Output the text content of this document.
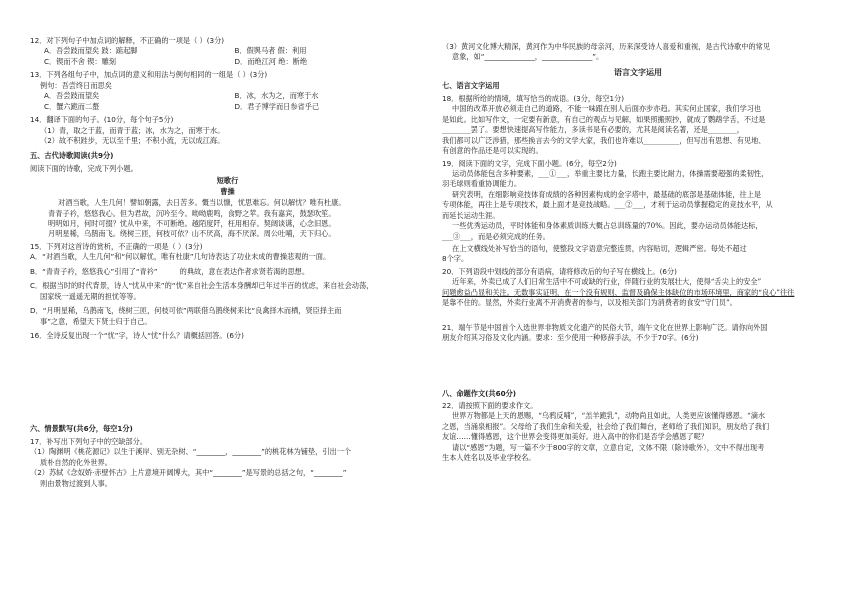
12．对下列句子中加点词的解释，不正确的一项是（ ）(3分)

A．吾尝跂而望矣 跂：踮起脚	B．假舆马者 假：利用
C．锲而不舍 锲：雕刻	D．而绝江河 绝：断绝

13．下列各组句子中，加点词的意义和用法与例句相同的一组是（ ）(3分)

例句：吾尝终日而思矣

A．吾尝跂而望矣	B．冰，水为之，而寒于水
C．蟹六跪而二螯	D．君子博学而日参省乎己

14．翻译下面的句子。(10分，每个句子5分)

（1）青，取之于蓝，而青于蓝；冰，水为之，而寒于水。

（2）故不积跬步，无以至千里；不积小流，无以成江海。

五、古代诗歌阅读(共9分)

阅读下面的诗歌，完成下列小题。

短歌行

曹操

对酒当歌，人生几何！譬如朝露，去日苦多。慨当以慷，忧思难忘。何以解忧？唯有杜康。

青青子衿，悠悠我心。但为君故，沉吟至今。呦呦鹿鸣，食野之苹。我有嘉宾，鼓瑟吹笙。

明明如月，何时可掇？忧从中来，不可断绝。越陌度阡，枉用相存。契阔谈䜩，心念旧恩。

月明星稀，乌鹊南飞。绕树三匝，何枝可依？山不厌高，海不厌深。周公吐哺，天下归心。

15．下列对这首诗的赏析，不正确的一项是（ ）(3分)

A．“对酒当歌，人生几何”和“何以解忧，唯有杜康”几句诗表达了功业未成的曹操悲观的一面。

B．“青青子衿，悠悠我心”引用了“青衿”	的典故，意在表达作者求贤若渴的思想。

C．根据当时的时代背景，诗人“忧从中来”的“忧”来自社会生活本身酬却已年过半百的忧虑，来自社会动荡，

国家统一遥遥无期的担忧等等。

D．“月明星稀，乌鹊南飞，绕树三匝，何枝可依”两联借乌鹊绕树来比“良禽择木而栖，贤臣择主而

事”之意，希望天下贤士归于自己。

16．全诗反复出现一个“忧”字，诗人“忧”什么？请概括回答。(6分)

六、情景默写(共6分，每空1分)

17．补写出下列句子中的空缺部分。

（1）陶渊明《桃花源记》以生于溪岸、别无杂树、“________，________”的桃花林为铺垫，引出一个

质朴自然的化外世界。

（2）苏轼《念奴娇·赤壁怀古》上片意境开阔博大，其中“________”是写景的总括之句，“________”

则由景物过渡到人事。

（3）黄河文化博大精深，黄河作为中华民族的母亲河，历来深受诗人喜爱和重视，是古代诗歌中的常见

意象，如“______________，______________”。

语言文字运用

七、语言文字运用

18．根据所给的情境，填写恰当的成语。(3分，每空1分)

中国的改革开放必须走自己的道路，不能一味跟在别人后面亦步亦趋。其实何止国家，我们学习也

是如此。比如写作文，一定要有新意，有自己的观点与见解，如果照搬照抄，就成了鹦鹉学舌，不过是

________罢了。要想快速提高写作能力，多读书是有必要的，尤其是阅读名著，还是________，

我们都可以广泛涉猎，那些换言去今的文学大家，我们也许难以__________，但写出有思想、有见地、

有创意的作品还是可以实现的。

19．阅读下面的文字，完成下面小题。(6分，每空2分)

运动员体能包含多种要素，___①___，举重主要比力量，长跑主要比耐力，体操需要超强的柔韧性，

羽毛球则看重协调能力。

研究表明，在细影响竞技体育成绩的各种因素构成的金字塔中，最基础的底部是基础体能，往上是

专项体能，再往上是专项技术，最上面才是竞技战略。___②___，才利于运动员掌握稳定的竞技水平，从

而延长运动生涯。

一些优秀运动员，平时体能和身体素质训练大概占总训练量的70%。因此，要办运动员体能达标，

___③___，而是必须完成的任务。

在上文横线处补写恰当的语句，使整段文字语意完整连贯，内容贴切，逻辑严密。每处不超过

8个字。

20．下列语段中划线的部分有语病，请将修改后的句子写在横线上。(6分)

近年来，外卖已成了人们日常生活中不可或缺的行业，伴随行业的发展壮大，使得“舌尖上的安全”

问题愈益凸显和关注。无数事实证明，在一个没有规则、监督及确保主体缺位的市场环境里，商家的“良心”往往

是靠不住的。显然，外卖行业离不开消费者的参与，以及相关部门为消费者的食安“守门员”。

21．端午节是中国首个入选世界非物质文化遗产的民俗大节，端午文化在世界上影响广泛。请你向外国

朋友介绍其习俗及文化内涵。要求：至少使用一种修辞手法，不少于70字。(6分)

八、命题作文(共60分)

22．请按照下面的要求作文。

世界万物都是上天的恩赐，“乌鸦反哺”，“羔羊跪乳”，动物尚且如此，人类更应该懂得感恩。“滴水

之恩，当涌泉相报”。父母给了我们生命和关爱，社会给了我们舞台，老师给了我们知识，朋友给了我们

友谊……懂得感恩，这个世界会变得更加美好。进入高中的你们是否学会感恩了呢？

请以“感恩”为题，写一篇不少于800字的文章，立意自定，文体不限（除诗歌外），文中不得出现考

生本人姓名以及毕业学校名。
